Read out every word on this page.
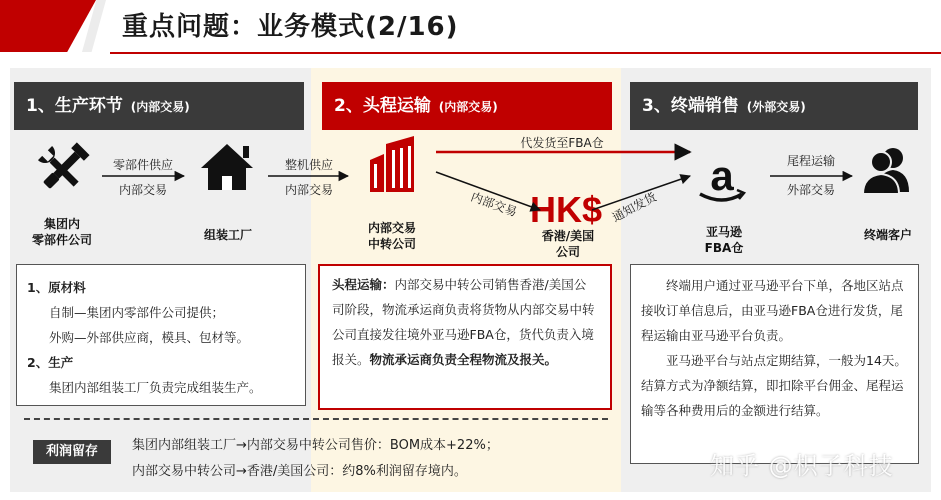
重点问题：业务模式(2/16)
1、生产环节 (内部交易)	2、头程运输 (内部交易)	3、终端销售 (外部交易)
HK$
a
内部交易	通知发货
零部件供应
内部交易
整机供应
内部交易
代发货至FBA仓
尾程运输
外部交易
集团内
零部件公司	组装工厂	内部交易
中转公司
香港/美国
公司
亚马逊
FBA仓
终端客户
1、原材料
自制—集团内零部件公司提供；
外购—外部供应商，模具、包材等。
2、生产
集团内部组装工厂负责完成组装生产。
头程运输：内部交易中转公司销售香港/美国公司阶段，物流承运商负责将货物从内部交易中转公司直接发往境外亚马逊FBA仓，货代负责入境报关。物流承运商负责全程物流及报关。
终端用户通过亚马逊平台下单，各地区站点接收订单信息后，由亚马逊FBA仓进行发货，尾程运输由亚马逊平台负责。
亚马逊平台与站点定期结算，一般为14天。结算方式为净额结算，即扣除平台佣金、尾程运输等各种费用后的金额进行结算。
利润留存	集团内部组装工厂→内部交易中转公司售价：BOM成本+22%；
内部交易中转公司→香港/美国公司：约8%利润留存境内。	知乎 @枳子科技
